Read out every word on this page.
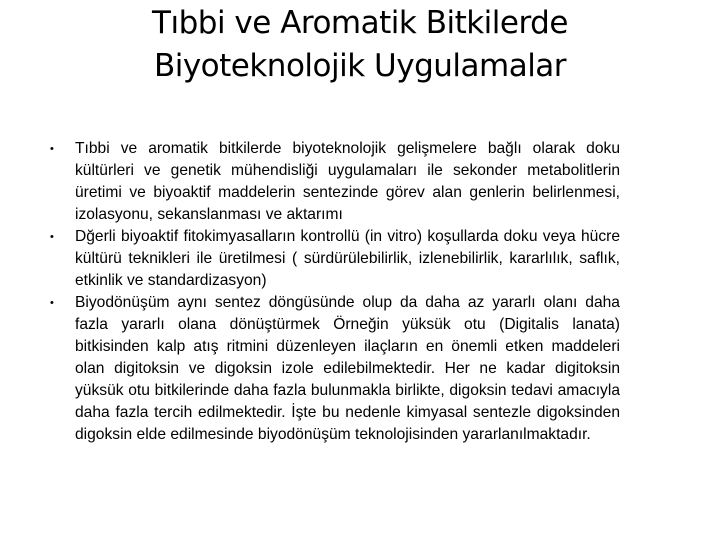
Tıbbi ve Aromatik Bitkilerde
Biyoteknolojik Uygulamalar
•	Tıbbi ve aromatik bitkilerde biyoteknolojik gelişmelere bağlı olarak doku kültürleri ve genetik mühendisliği uygulamaları ile sekonder metabolitlerin üretimi ve biyoaktif maddelerin sentezinde görev alan genlerin belirlenmesi, izolasyonu, sekanslanması ve aktarımı
•	Dğerli biyoaktif fitokimyasalların kontrollü (in vitro) koşullarda doku veya hücre kültürü teknikleri ile üretilmesi ( sürdürülebilirlik, izlenebilirlik, kararlılık, saflık, etkinlik ve standardizasyon)
•	Biyodönüşüm aynı sentez döngüsünde olup da daha az yararlı olanı daha fazla yararlı olana dönüştürmek Örneğin yüksük otu (Digitalis lanata) bitkisinden kalp atış ritmini düzenleyen ilaçların en önemli etken maddeleri olan digitoksin ve digoksin izole edilebilmektedir. Her ne kadar digitoksin yüksük otu bitkilerinde daha fazla bulunmakla birlikte, digoksin tedavi amacıyla daha fazla tercih edilmektedir. İşte bu nedenle kimyasal sentezle digoksinden digoksin elde edilmesinde biyodönüşüm teknolojisinden yararlanılmaktadır.
